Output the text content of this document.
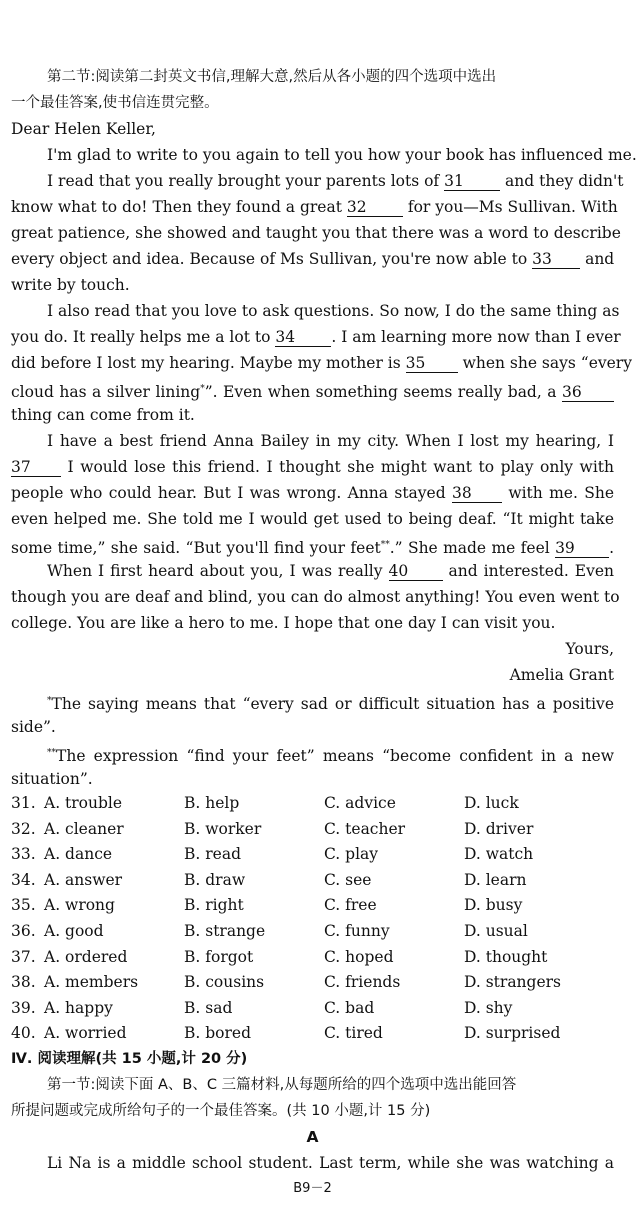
第二节:阅读第二封英文书信,理解大意,然后从各小题的四个选项中选出
一个最佳答案,使书信连贯完整。
Dear Helen Keller,
I'm glad to write to you again to tell you how your book has influenced me.
I read that you really brought your parents lots of 31	and they didn't
know what to do! Then they found a great 32	for you—Ms Sullivan. With
great patience, she showed and taught you that there was a word to describe
every object and idea. Because of Ms Sullivan, you're now able to 33 and
write by touch.
I also read that you love to ask questions. So now, I do the same thing as
you do. It really helps me a lot to 34 . I am learning more now than I ever
did before I lost my hearing. Maybe my mother is 35 when she says “every
cloud has a silver lining*”. Even when something seems really bad, a 36
thing can come from it.
I have a best friend Anna Bailey in my city. When I lost my hearing, I
37 I would lose this friend. I thought she might want to play only with
people who could hear. But I was wrong. Anna stayed 38 with me. She
even helped me. She told me I would get used to being deaf. “It might take
some time,” she said. “But you'll find your feet**.” She made me feel 39 .
When I first heard about you, I was really 40	and interested. Even
though you are deaf and blind, you can do almost anything! You even went to
college. You are like a hero to me. I hope that one day I can visit you.
Yours,
Amelia Grant
*The saying means that “every sad or difficult situation has a positive
side”.
**The expression “find your feet” means “become confident in a new
situation”.
31. A. trouble	B. help	C. advice	D. luck
32. A. cleaner	B. worker	C. teacher	D. driver
33. A. dance	B. read	C. play	D. watch
34. A. answer	B. draw	C. see	D. learn
35. A. wrong	B. right	C. free	D. busy
36. A. good	B. strange	C. funny	D. usual
37. A. ordered	B. forgot	C. hoped	D. thought
38. A. members	B. cousins	C. friends	D. strangers
39. A. happy	B. sad	C. bad	D. shy
40. A. worried	B. bored	C. tired	D. surprised
Ⅳ. 阅读理解(共 15 小题,计 20 分)
第一节:阅读下面 A、B、C 三篇材料,从每题所给的四个选项中选出能回答
所提问题或完成所给句子的一个最佳答案。(共 10 小题,计 15 分)
A
Li Na is a middle school student. Last term, while she was watching a
B9－2
